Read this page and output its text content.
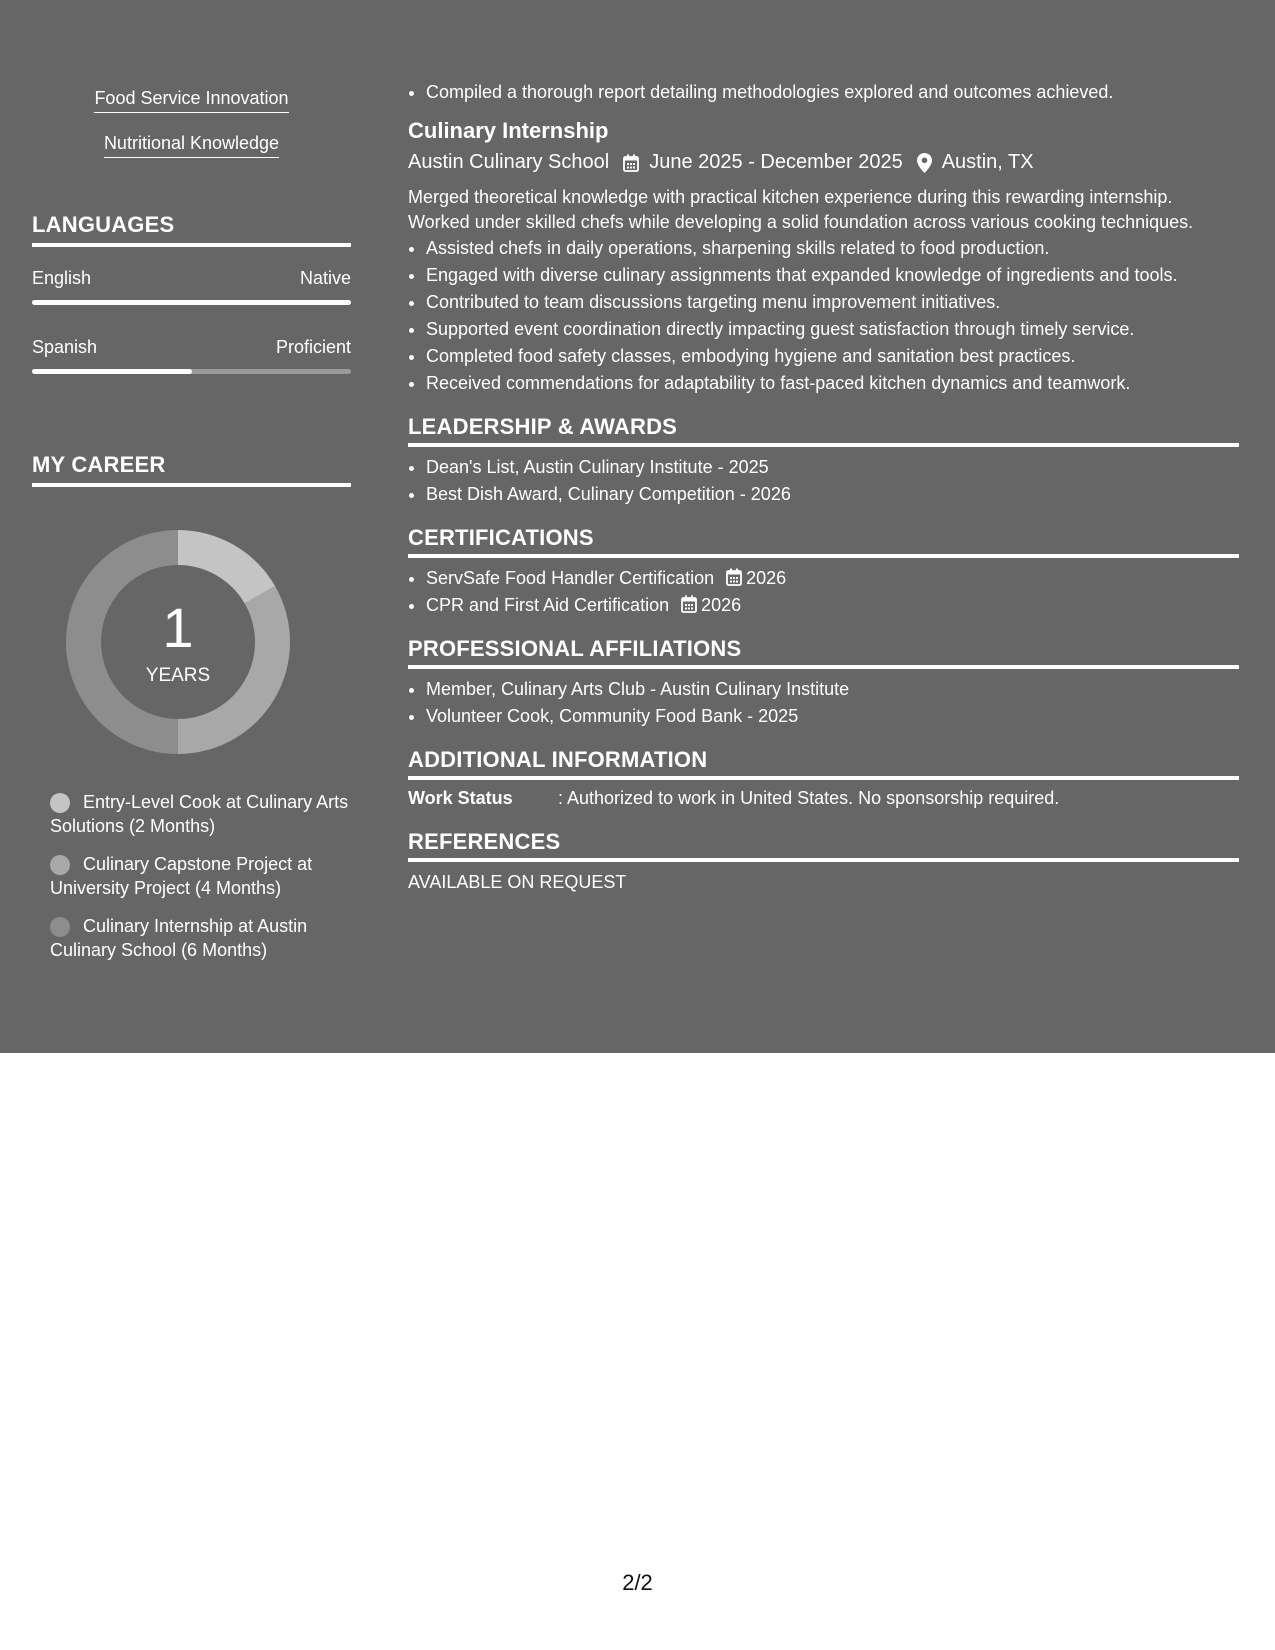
Food Service Innovation
Nutritional Knowledge
LANGUAGES
English	Native
Spanish	Proficient
MY CAREER
1
YEARS
Entry-Level Cook at Culinary Arts Solutions (2 Months)
Culinary Capstone Project at University Project (4 Months)
Culinary Internship at Austin Culinary School (6 Months)
• Compiled a thorough report detailing methodologies explored and outcomes achieved.
Culinary Internship
Austin Culinary School June 2025 - December 2025 Austin, TX
Merged theoretical knowledge with practical kitchen experience during this rewarding internship. Worked under skilled chefs while developing a solid foundation across various cooking techniques.
• Assisted chefs in daily operations, sharpening skills related to food production.
• Engaged with diverse culinary assignments that expanded knowledge of ingredients and tools.
• Contributed to team discussions targeting menu improvement initiatives.
• Supported event coordination directly impacting guest satisfaction through timely service.
• Completed food safety classes, embodying hygiene and sanitation best practices.
• Received commendations for adaptability to fast-paced kitchen dynamics and teamwork.
LEADERSHIP & AWARDS
• Dean's List, Austin Culinary Institute - 2025
• Best Dish Award, Culinary Competition - 2026
CERTIFICATIONS
• ServSafe Food Handler Certification 2026
• CPR and First Aid Certification 2026
PROFESSIONAL AFFILIATIONS
• Member, Culinary Arts Club - Austin Culinary Institute
• Volunteer Cook, Community Food Bank - 2025
ADDITIONAL INFORMATION
Work Status	: Authorized to work in United States. No sponsorship required.
REFERENCES
AVAILABLE ON REQUEST
2/2
